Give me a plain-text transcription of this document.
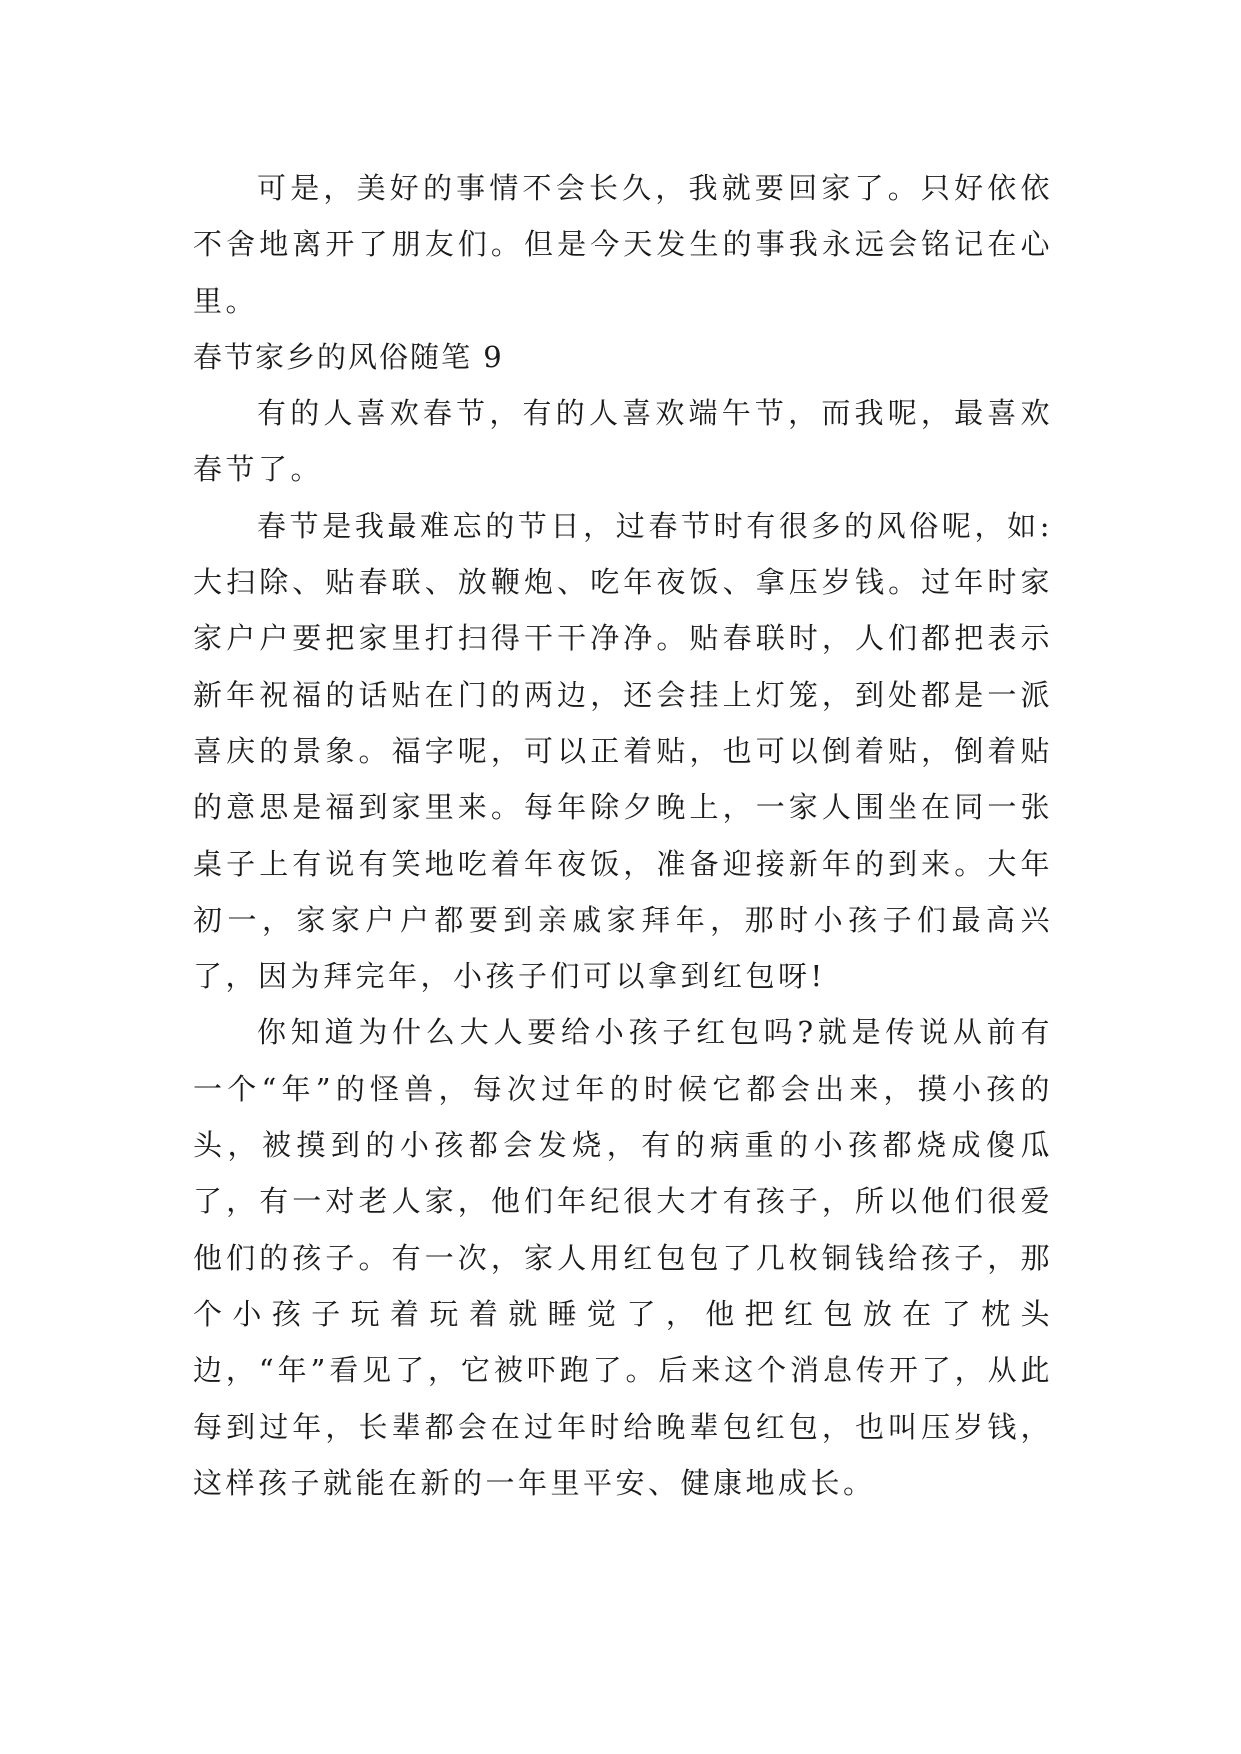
可是，美好的事情不会长久，我就要回家了。只好依依不舍地离开了朋友们。但是今天发生的事我永远会铭记在心里。

春节家乡的风俗随笔 9

有的人喜欢春节，有的人喜欢端午节，而我呢，最喜欢春节了。

春节是我最难忘的节日，过春节时有很多的风俗呢，如:大扫除、贴春联、放鞭炮、吃年夜饭、拿压岁钱。过年时家家户户要把家里打扫得干干净净。贴春联时，人们都把表示新年祝福的话贴在门的两边，还会挂上灯笼，到处都是一派喜庆的景象。福字呢，可以正着贴，也可以倒着贴，倒着贴的意思是福到家里来。每年除夕晚上，一家人围坐在同一张桌子上有说有笑地吃着年夜饭，准备迎接新年的到来。大年初一，家家户户都要到亲戚家拜年，那时小孩子们最高兴了，因为拜完年，小孩子们可以拿到红包呀!

你知道为什么大人要给小孩子红包吗?就是传说从前有一个“年”的怪兽，每次过年的时候它都会出来，摸小孩的头，被摸到的小孩都会发烧，有的病重的小孩都烧成傻瓜了，有一对老人家，他们年纪很大才有孩子，所以他们很爱他们的孩子。有一次，家人用红包包了几枚铜钱给孩子，那个小孩子玩着玩着就睡觉了，他把红包放在了枕头边，“年”看见了，它被吓跑了。后来这个消息传开了，从此每到过年，长辈都会在过年时给晚辈包红包，也叫压岁钱，这样孩子就能在新的一年里平安、健康地成长。
